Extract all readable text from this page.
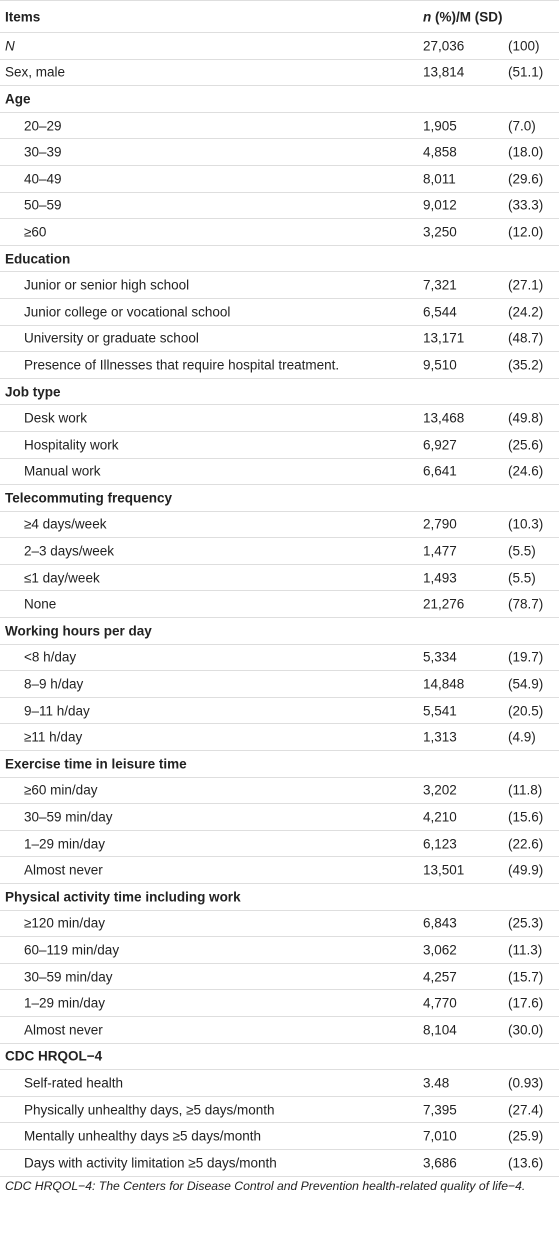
Items	n (%)/M (SD)
N	27,036	(100)
Sex, male	13,814	(51.1)
Age
20–29	1,905	(7.0)
30–39	4,858	(18.0)
40–49	8,011	(29.6)
50–59	9,012	(33.3)
≥60	3,250	(12.0)
Education
Junior or senior high school	7,321	(27.1)
Junior college or vocational school	6,544	(24.2)
University or graduate school	13,171	(48.7)
Presence of Illnesses that require hospital treatment.	9,510	(35.2)
Job type
Desk work	13,468	(49.8)
Hospitality work	6,927	(25.6)
Manual work	6,641	(24.6)
Telecommuting frequency
≥4 days/week	2,790	(10.3)
2–3 days/week	1,477	(5.5)
≤1 day/week	1,493	(5.5)
None	21,276	(78.7)
Working hours per day
<8 h/day	5,334	(19.7)
8–9 h/day	14,848	(54.9)
9–11 h/day	5,541	(20.5)
≥11 h/day	1,313	(4.9)
Exercise time in leisure time
≥60 min/day	3,202	(11.8)
30–59 min/day	4,210	(15.6)
1–29 min/day	6,123	(22.6)
Almost never	13,501	(49.9)
Physical activity time including work
≥120 min/day	6,843	(25.3)
60–119 min/day	3,062	(11.3)
30–59 min/day	4,257	(15.7)
1–29 min/day	4,770	(17.6)
Almost never	8,104	(30.0)
CDC HRQOL−4
Self-rated health	3.48	(0.93)
Physically unhealthy days, ≥5 days/month	7,395	(27.4)
Mentally unhealthy days ≥5 days/month	7,010	(25.9)
Days with activity limitation ≥5 days/month	3,686	(13.6)
CDC HRQOL−4: The Centers for Disease Control and Prevention health-related quality of life−4.
